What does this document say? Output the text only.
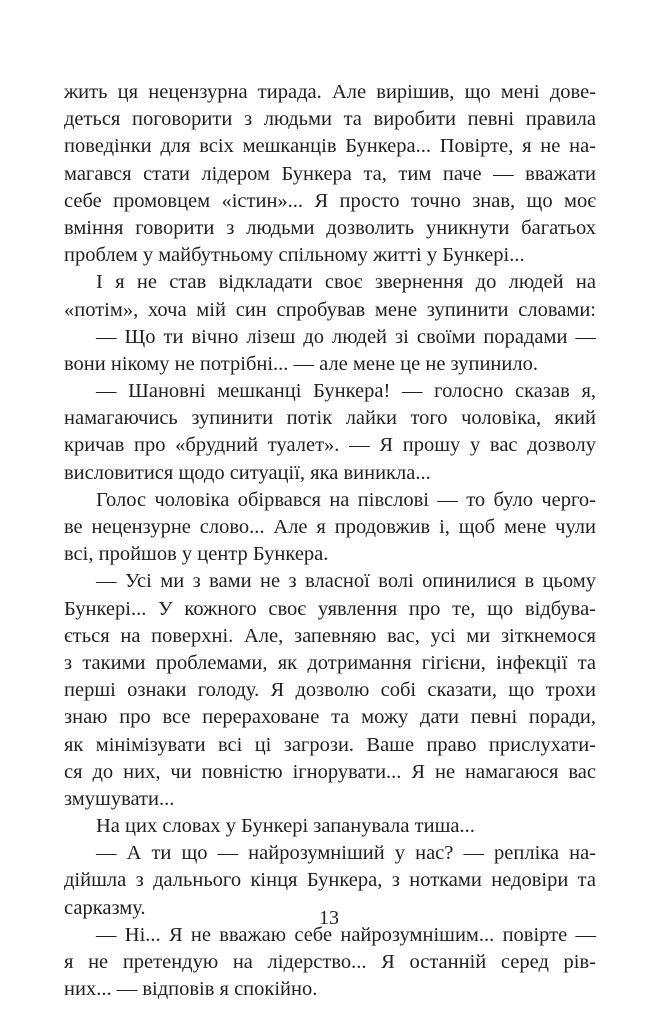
жить ця нецензурна тирада. Але вирішив, що мені дове-
деться поговорити з людьми та виробити певні правила
поведінки для всіх мешканців Бункера... Повірте, я не на-
магався стати лідером Бункера та, тим паче — вважати
себе промовцем «істин»... Я просто точно знав, що моє
вміння говорити з людьми дозволить уникнути багатьох
проблем у майбутньому спільному житті у Бункері...
І я не став відкладати своє звернення до людей на
«потім», хоча мій син спробував мене зупинити словами:
— Що ти вічно лізеш до людей зі своїми порадами —
вони нікому не потрібні... — але мене це не зупинило.
— Шановні мешканці Бункера! — голосно сказав я,
намагаючись зупинити потік лайки того чоловіка, який
кричав про «брудний туалет». — Я прошу у вас дозволу
висловитися щодо ситуації, яка виникла...
Голос чоловіка обірвався на півслові — то було черго-
ве нецензурне слово... Але я продовжив і, щоб мене чули
всі, пройшов у центр Бункера.
— Усі ми з вами не з власної волі опинилися в цьому
Бункері... У кожного своє уявлення про те, що відбува-
ється на поверхні. Але, запевняю вас, усі ми зіткнемося
з такими проблемами, як дотримання гігієни, інфекції та
перші ознаки голоду. Я дозволю собі сказати, що трохи
знаю про все перераховане та можу дати певні поради,
як мінімізувати всі ці загрози. Ваше право прислухати-
ся до них, чи повністю ігнорувати... Я не намагаюся вас
змушувати...
На цих словах у Бункері запанувала тиша...
— А ти що — найрозумніший у нас? — репліка на-
дійшла з дальнього кінця Бункера, з нотками недовіри та
сарказму.
— Ні... Я не вважаю себе найрозумнішим... повірте —
я не претендую на лідерство... Я останній серед рів-
них... — відповів я спокійно.
13
